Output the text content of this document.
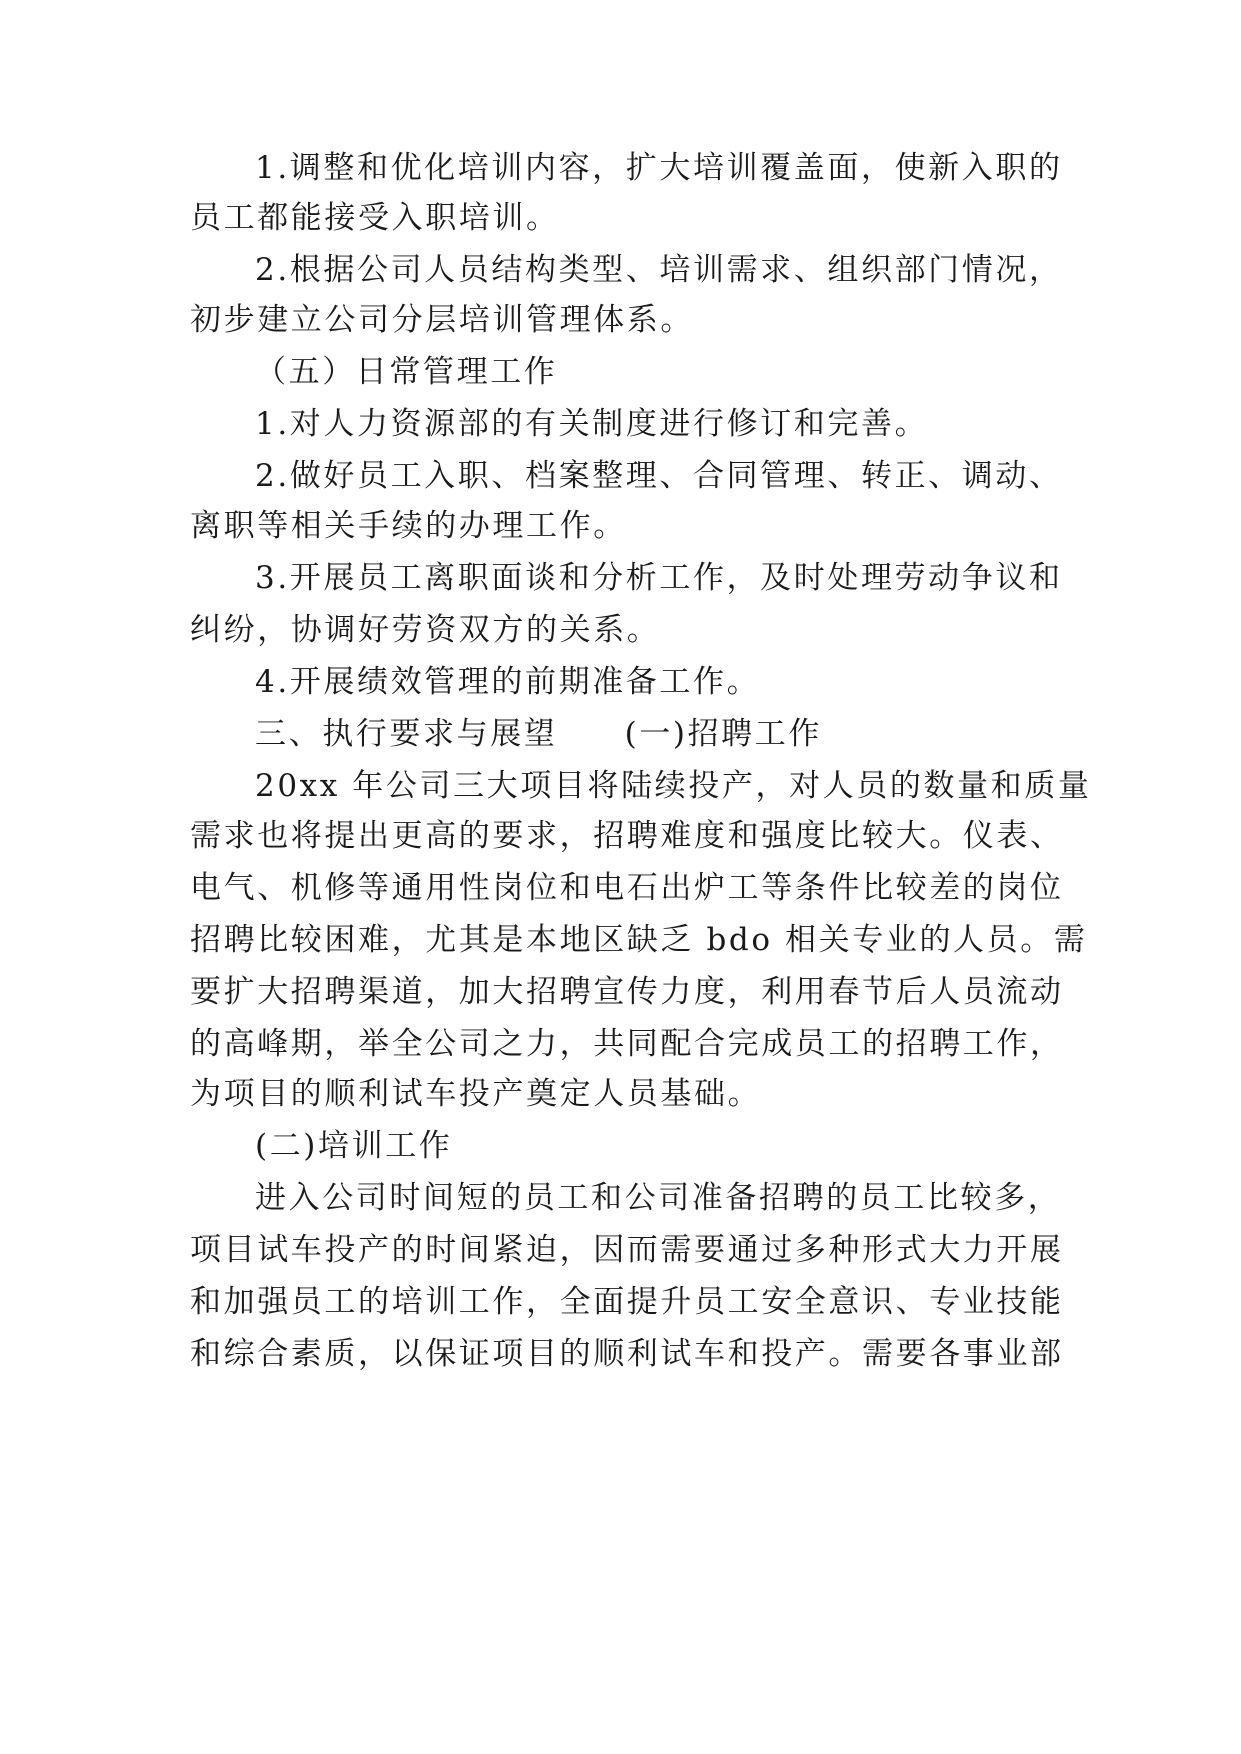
1.调整和优化培训内容，扩大培训覆盖面，使新入职的
员工都能接受入职培训。
2.根据公司人员结构类型、培训需求、组织部门情况，
初步建立公司分层培训管理体系。
（五）日常管理工作
1.对人力资源部的有关制度进行修订和完善。
2.做好员工入职、档案整理、合同管理、转正、调动、
离职等相关手续的办理工作。
3.开展员工离职面谈和分析工作，及时处理劳动争议和
纠纷，协调好劳资双方的关系。
4.开展绩效管理的前期准备工作。
三、执行要求与展望　　(一)招聘工作
20xx 年公司三大项目将陆续投产，对人员的数量和质量
需求也将提出更高的要求，招聘难度和强度比较大。仪表、
电气、机修等通用性岗位和电石出炉工等条件比较差的岗位
招聘比较困难，尤其是本地区缺乏 bdo 相关专业的人员。需
要扩大招聘渠道，加大招聘宣传力度，利用春节后人员流动
的高峰期，举全公司之力，共同配合完成员工的招聘工作，
为项目的顺利试车投产奠定人员基础。
(二)培训工作
进入公司时间短的员工和公司准备招聘的员工比较多，
项目试车投产的时间紧迫，因而需要通过多种形式大力开展
和加强员工的培训工作，全面提升员工安全意识、专业技能
和综合素质，以保证项目的顺利试车和投产。需要各事业部
